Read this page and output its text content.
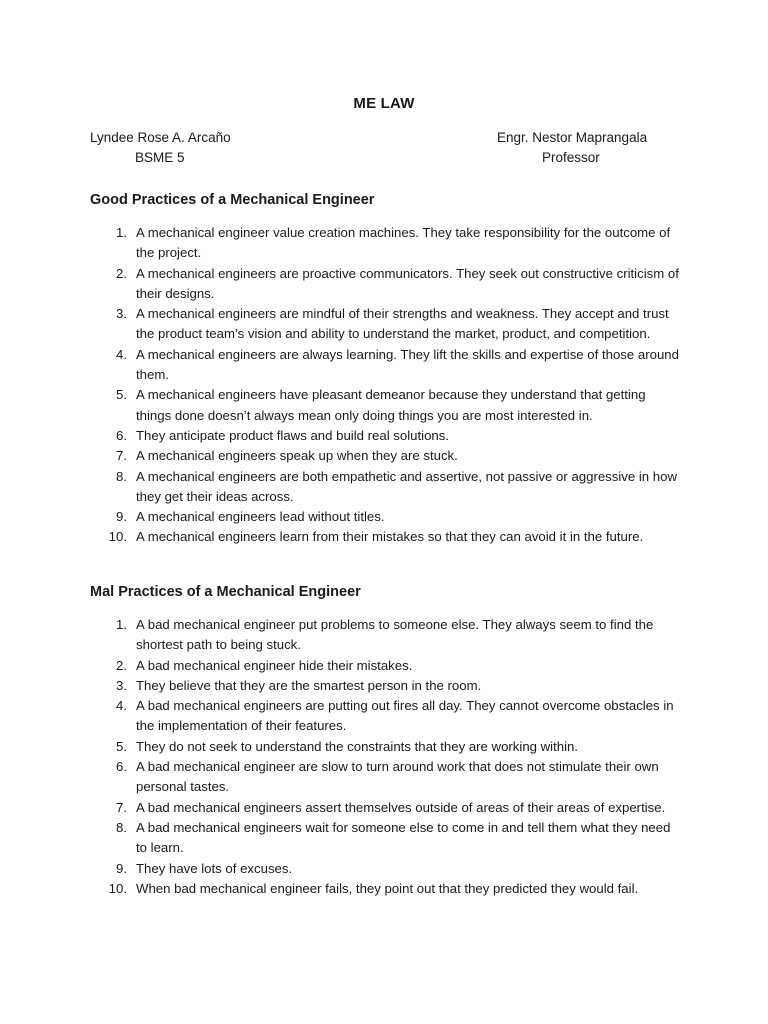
ME LAW
Lyndee Rose A. Arcaño
BSME 5
Engr. Nestor Maprangala
Professor
Good Practices of a Mechanical Engineer
1. A mechanical engineer value creation machines. They take responsibility for the outcome of the project.
2. A mechanical engineers are proactive communicators. They seek out constructive criticism of their designs.
3. A mechanical engineers are mindful of their strengths and weakness. They accept and trust the product team’s vision and ability to understand the market, product, and competition.
4. A mechanical engineers are always learning. They lift the skills and expertise of those around them.
5. A mechanical engineers have pleasant demeanor because they understand that getting things done doesn’t always mean only doing things you are most interested in.
6. They anticipate product flaws and build real solutions.
7. A mechanical engineers speak up when they are stuck.
8. A mechanical engineers are both empathetic and assertive, not passive or aggressive in how they get their ideas across.
9. A mechanical engineers lead without titles.
10. A mechanical engineers learn from their mistakes so that they can avoid it in the future.
Mal Practices of a Mechanical Engineer
1. A bad mechanical engineer put problems to someone else. They always seem to find the shortest path to being stuck.
2. A bad mechanical engineer hide their mistakes.
3. They believe that they are the smartest person in the room.
4. A bad mechanical engineers are putting out fires all day. They cannot overcome obstacles in the implementation of their features.
5. They do not seek to understand the constraints that they are working within.
6. A bad mechanical engineer are slow to turn around work that does not stimulate their own personal tastes.
7. A bad mechanical engineers assert themselves outside of areas of their areas of expertise.
8. A bad mechanical engineers wait for someone else to come in and tell them what they need to learn.
9. They have lots of excuses.
10. When bad mechanical engineer fails, they point out that they predicted they would fail.
